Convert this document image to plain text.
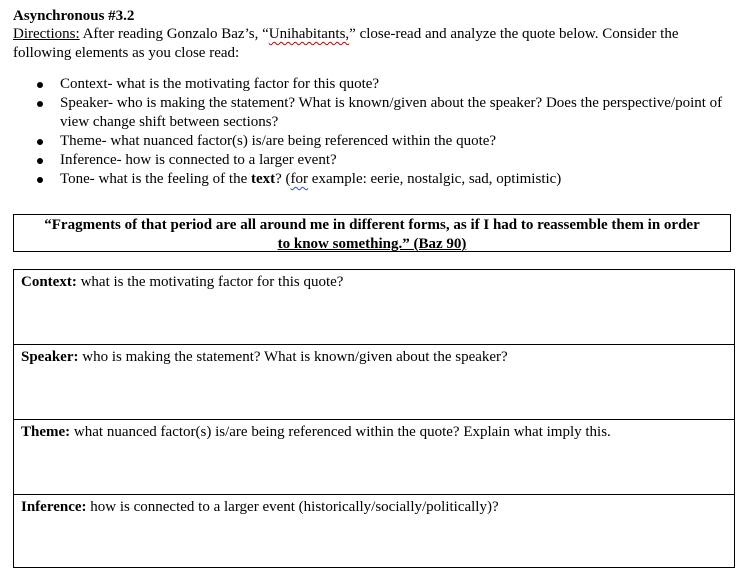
Asynchronous #3.2
Directions: After reading Gonzalo Baz’s, “Unihabitants,” close-read and analyze the quote below. Consider the following elements as you close read:
Context- what is the motivating factor for this quote?
Speaker- who is making the statement? What is known/given about the speaker? Does the perspective/point of view change shift between sections?
Theme- what nuanced factor(s) is/are being referenced within the quote?
Inference- how is connected to a larger event?
Tone- what is the feeling of the text? (for example: eerie, nostalgic, sad, optimistic)
“Fragments of that period are all around me in different forms, as if I had to reassemble them in order
to know something.” (Baz 90)
Context: what is the motivating factor for this quote?
Speaker: who is making the statement? What is known/given about the speaker?
Theme: what nuanced factor(s) is/are being referenced within the quote? Explain what imply this.
Inference: how is connected to a larger event (historically/socially/politically)?
